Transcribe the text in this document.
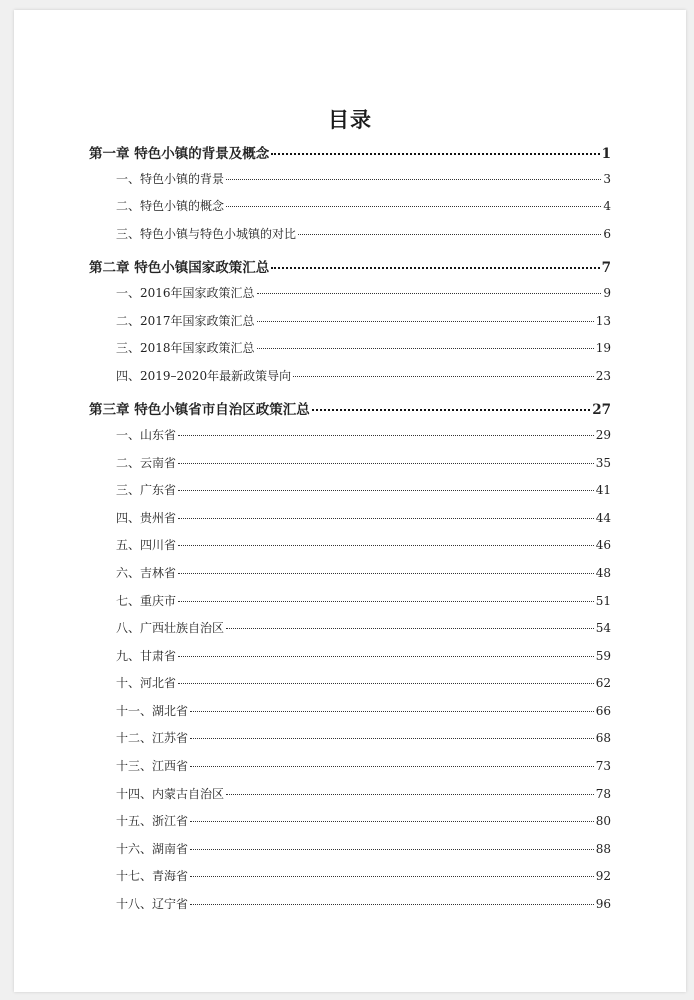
目录
第一章 特色小镇的背景及概念	1
一、特色小镇的背景	3
二、特色小镇的概念	4
三、特色小镇与特色小城镇的对比	6
第二章 特色小镇国家政策汇总	7
一、2016年国家政策汇总	9
二、2017年国家政策汇总	13
三、2018年国家政策汇总	19
四、2019–2020年最新政策导向	23
第三章 特色小镇省市自治区政策汇总	27
一、山东省	29
二、云南省	35
三、广东省	41
四、贵州省	44
五、四川省	46
六、吉林省	48
七、重庆市	51
八、广西壮族自治区	54
九、甘肃省	59
十、河北省	62
十一、湖北省	66
十二、江苏省	68
十三、江西省	73
十四、内蒙古自治区	78
十五、浙江省	80
十六、湖南省	88
十七、青海省	92
十八、辽宁省	96
